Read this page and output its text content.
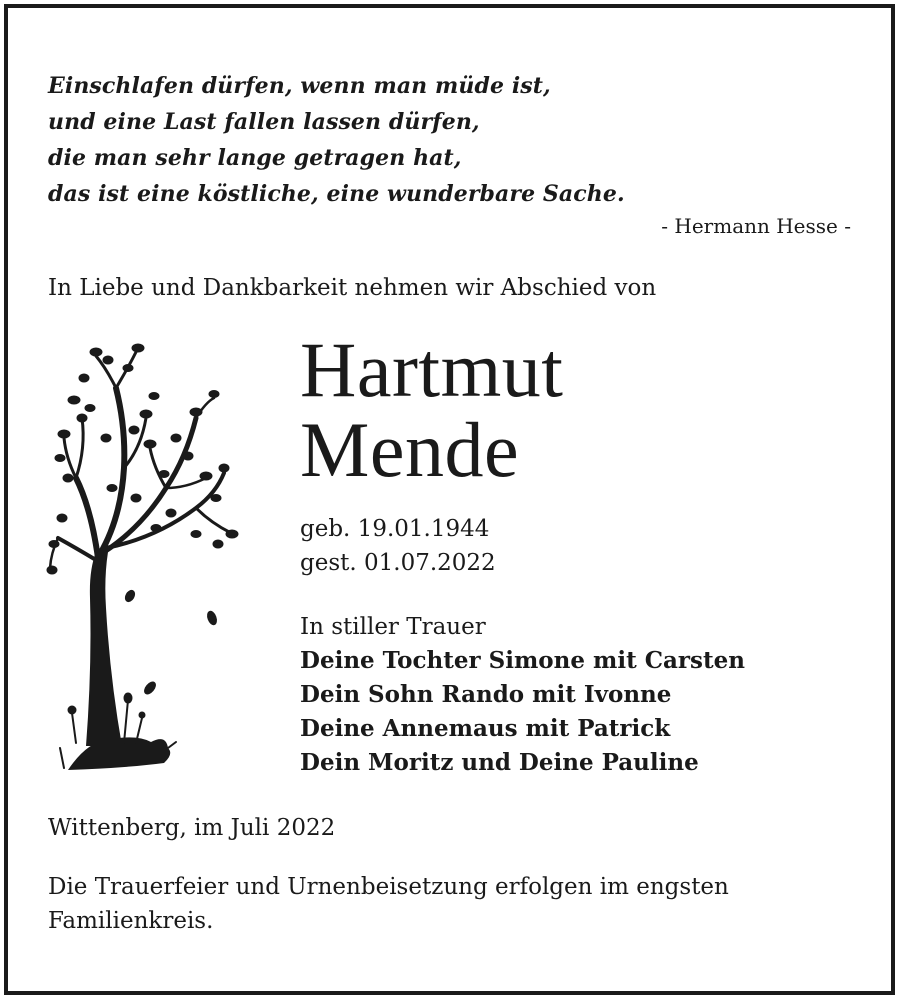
Einschlafen dürfen, wenn man müde ist,
und eine Last fallen lassen dürfen,
die man sehr lange getragen hat,
das ist eine köstliche, eine wunderbare Sache.
- Hermann Hesse -
In Liebe und Dankbarkeit nehmen wir Abschied von
Hartmut
Mende
geb. 19.01.1944
gest. 01.07.2022
In stiller Trauer
Deine Tochter Simone mit Carsten
Dein Sohn Rando mit Ivonne
Deine Annemaus mit Patrick
Dein Moritz und Deine Pauline
Wittenberg, im Juli 2022
Die Trauerfeier und Urnenbeisetzung erfolgen im engsten
Familienkreis.
